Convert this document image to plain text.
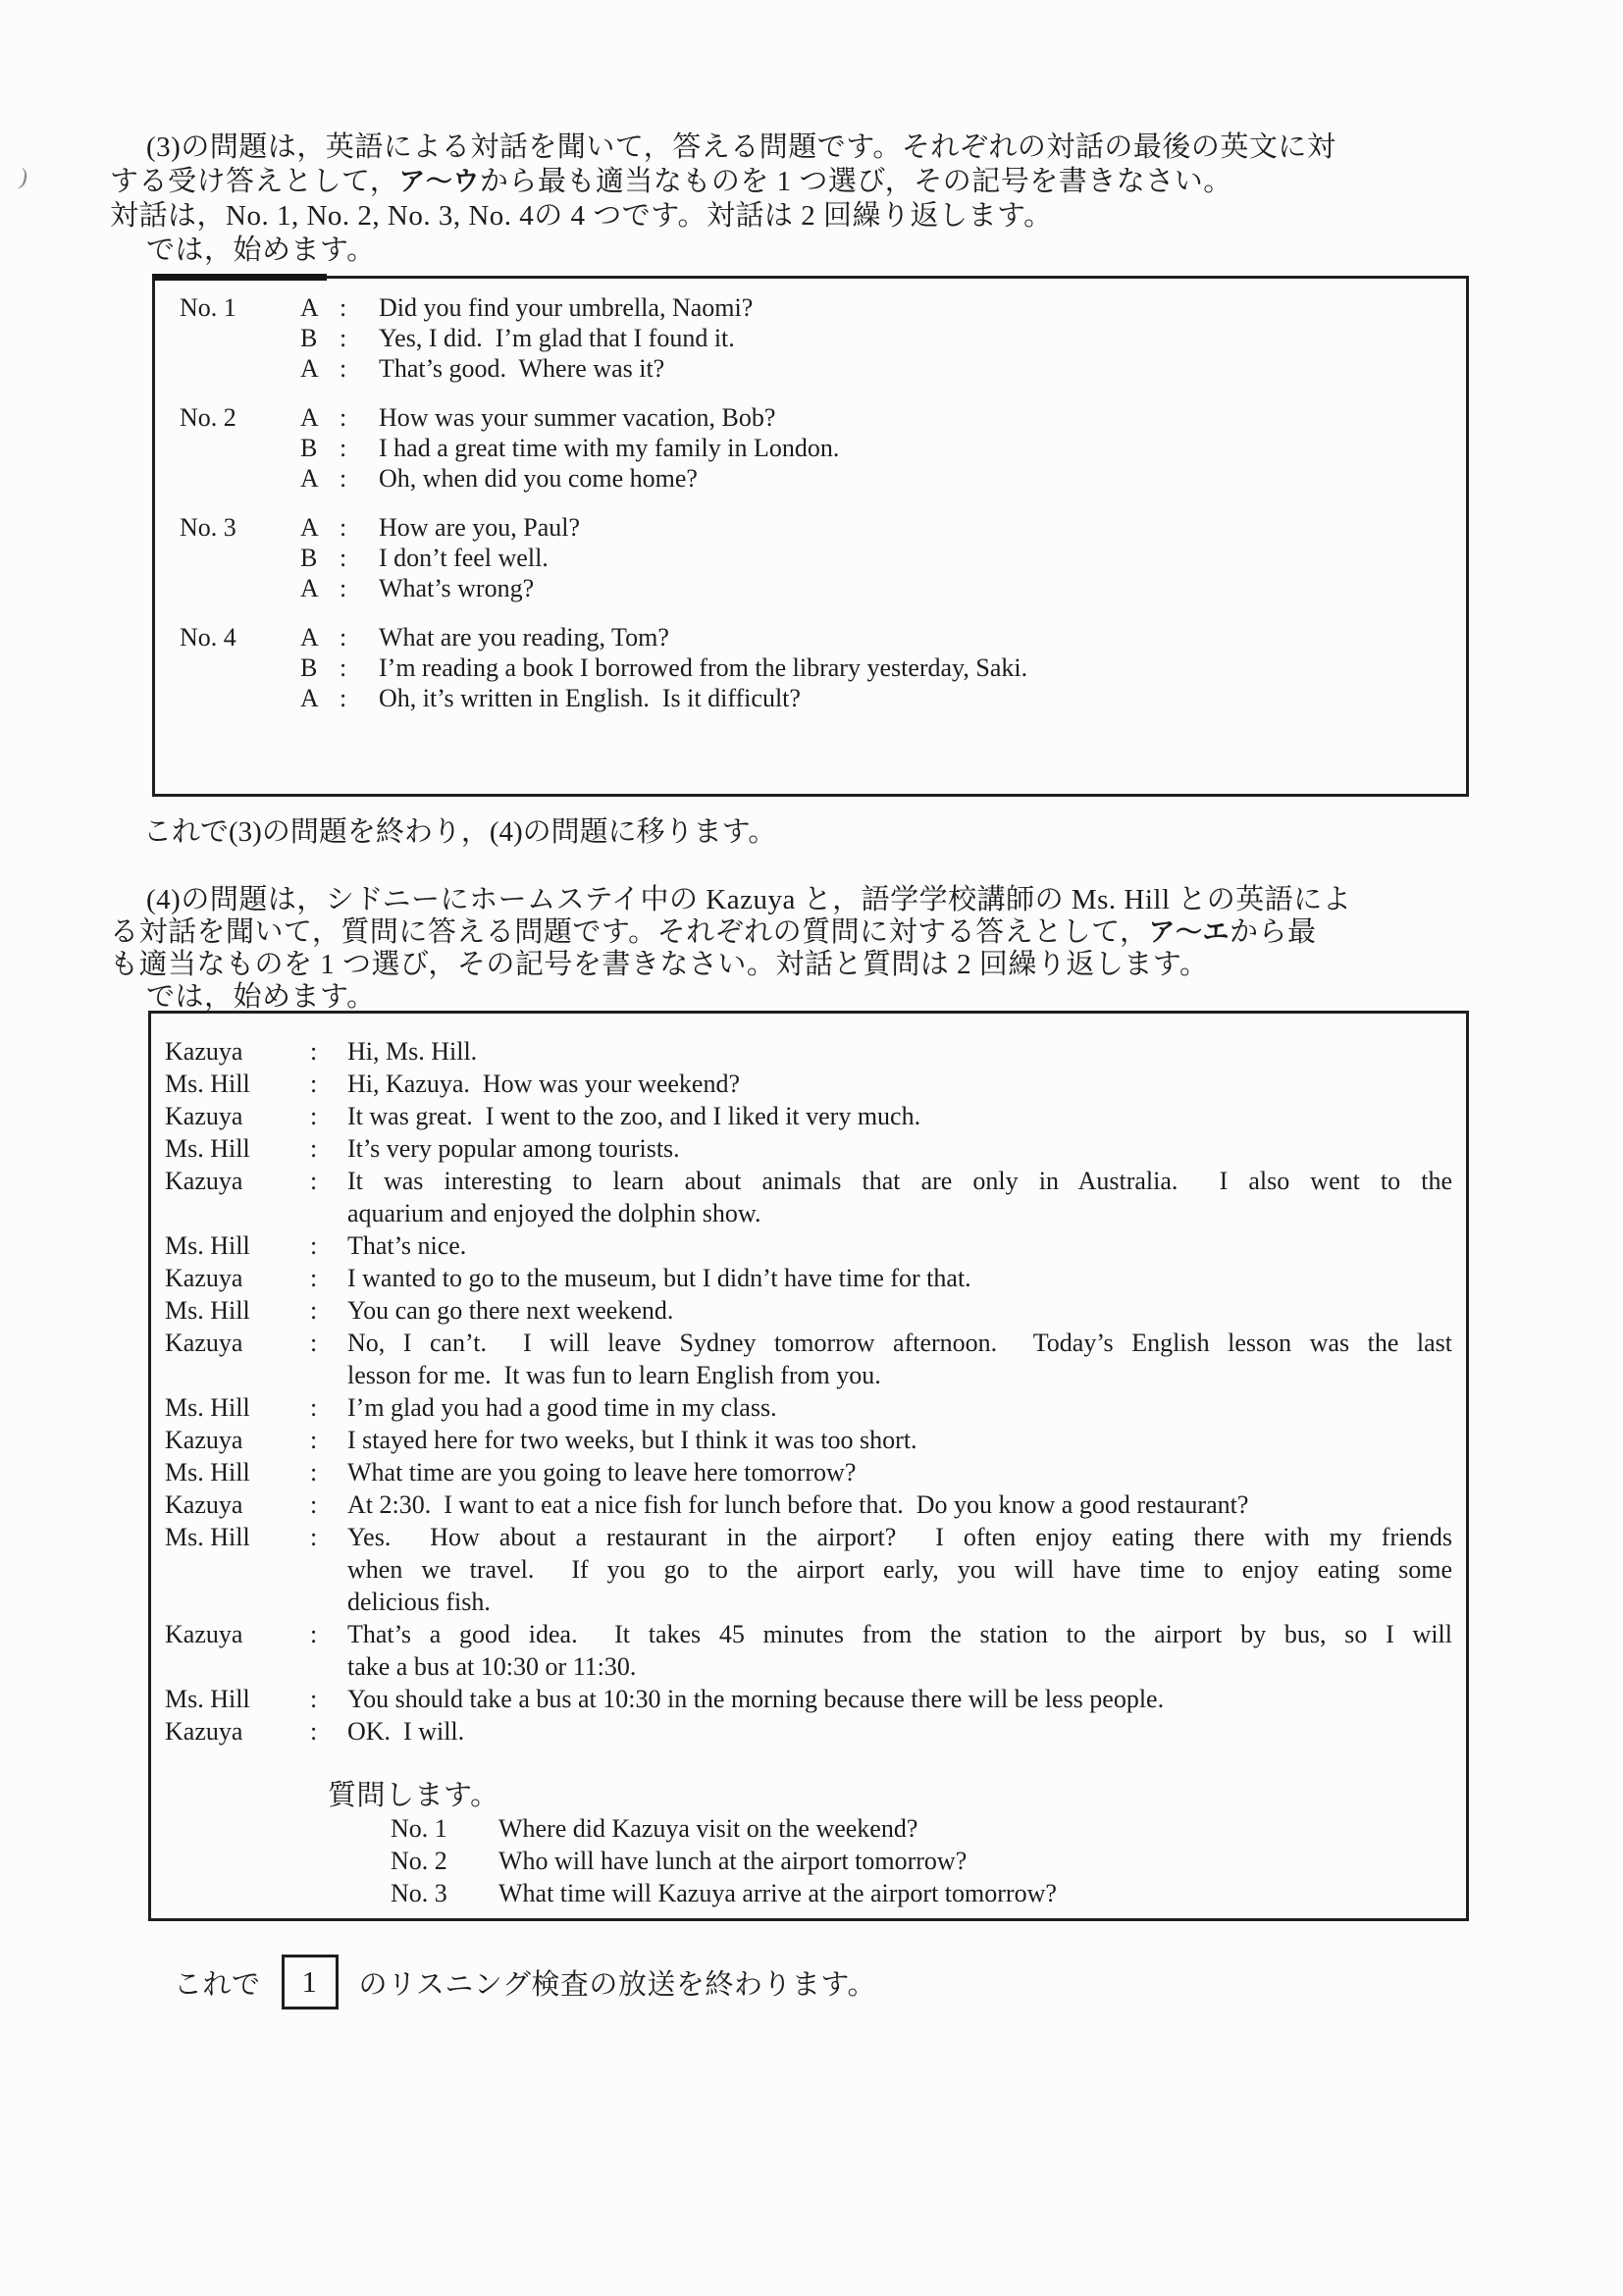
)
(3)の問題は，英語による対話を聞いて，答える問題です。それぞれの対話の最後の英文に対
する受け答えとして，ア～ウから最も適当なものを 1 つ選び，その記号を書きなさい。
対話は，No. 1, No. 2, No. 3, No. 4の 4 つです。対話は 2 回繰り返します。
では，始めます。
No. 1	A :	Did you find your umbrella, Naomi?
B :	Yes, I did.  I’m glad that I found it.
A :	That’s good.  Where was it?
No. 2	A :	How was your summer vacation, Bob?
B :	I had a great time with my family in London.
A :	Oh, when did you come home?
No. 3	A :	How are you, Paul?
B :	I don’t feel well.
A :	What’s wrong?
No. 4	A :	What are you reading, Tom?
B :	I’m reading a book I borrowed from the library yesterday, Saki.
A :	Oh, it’s written in English.  Is it difficult?
これで(3)の問題を終わり，(4)の問題に移ります。
(4)の問題は，シドニーにホームステイ中の Kazuya と，語学学校講師の Ms. Hill との英語によ
る対話を聞いて，質問に答える問題です。それぞれの質問に対する答えとして，ア～エから最
も適当なものを 1 つ選び，その記号を書きなさい。対話と質問は 2 回繰り返します。
では，始めます。
Kazuya	:	Hi, Ms. Hill.
Ms. Hill	:	Hi, Kazuya.  How was your weekend?
Kazuya	:	It was great.  I went to the zoo, and I liked it very much.
Ms. Hill	:	It’s very popular among tourists.
Kazuya	:	It was interesting to learn about animals that are only in Australia.  I also went to the
aquarium and enjoyed the dolphin show.
Ms. Hill	:	That’s nice.
Kazuya	:	I wanted to go to the museum, but I didn’t have time for that.
Ms. Hill	:	You can go there next weekend.
Kazuya	:	No, I can’t.  I will leave Sydney tomorrow afternoon.  Today’s English lesson was the last
lesson for me.  It was fun to learn English from you.
Ms. Hill	:	I’m glad you had a good time in my class.
Kazuya	:	I stayed here for two weeks, but I think it was too short.
Ms. Hill	:	What time are you going to leave here tomorrow?
Kazuya	:	At 2:30.  I want to eat a nice fish for lunch before that.  Do you know a good restaurant?
Ms. Hill	:	Yes.  How about a restaurant in the airport?  I often enjoy eating there with my friends
when we travel.  If you go to the airport early, you will have time to enjoy eating some
delicious fish.
Kazuya	:	That’s a good idea.  It takes 45 minutes from the station to the airport by bus, so I will
take a bus at 10:30 or 11:30.
Ms. Hill	:	You should take a bus at 10:30 in the morning because there will be less people.
Kazuya	:	OK.  I will.
質問します。
No. 1	Where did Kazuya visit on the weekend?
No. 2	Who will have lunch at the airport tomorrow?
No. 3	What time will Kazuya arrive at the airport tomorrow?
これで	1	のリスニング検査の放送を終わります。
